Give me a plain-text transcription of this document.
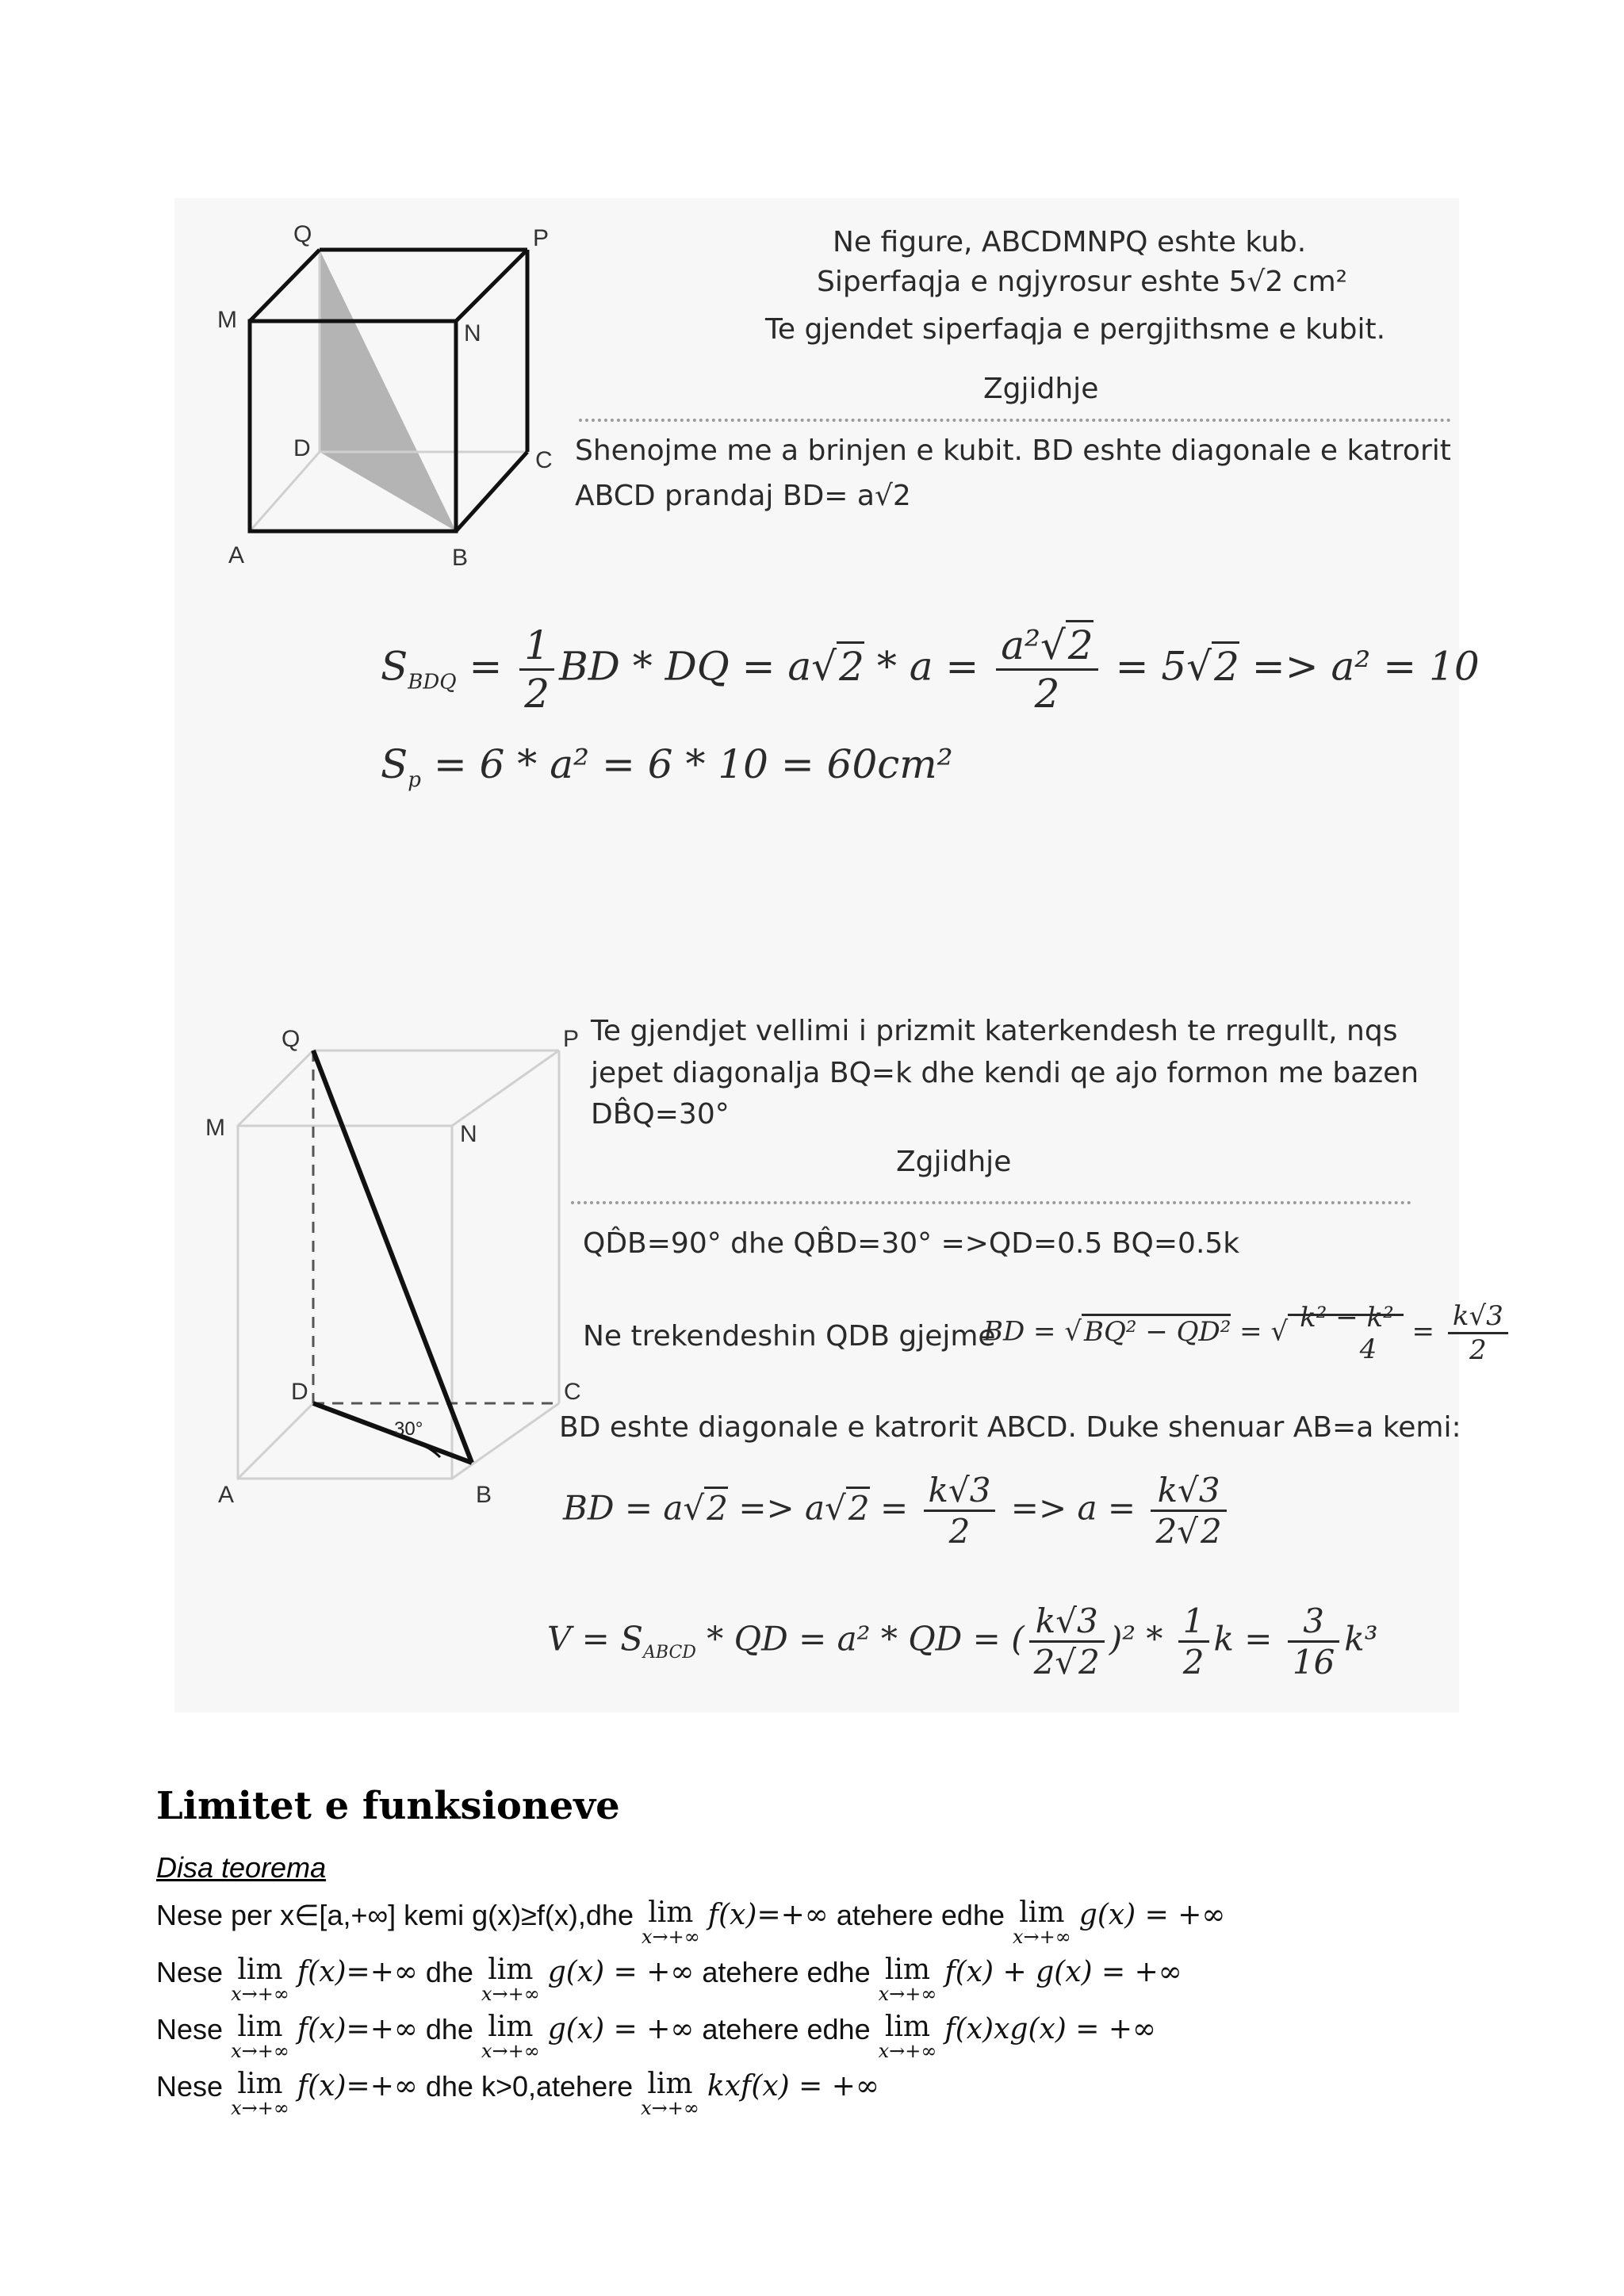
Q	P
M
N
D	C
A	B
Ne figure, ABCDMNPQ eshte kub.
Siperfaqja e ngjyrosur eshte 5√2 cm²
Te gjendet siperfaqja e pergjithsme e kubit.
Zgjidhje
Shenojme me a brinjen e kubit. BD eshte diagonale e katrorit
ABCD prandaj BD= a√2
$S_{BDQ} = \frac{1}{2}$ BD * DQ = $a√2 * a = \frac{\text{a²√2}}{2} = 5√2 => a^2 = 10$
$S_p = 6 * a^2 = 6 * 10 = 60cm^2$
30°
Q	P
M	N
D	C
A	B
Te gjendjet vellimi i prizmit katerkendesh te rregullt, nqs
jepet diagonalja BQ=k dhe kendi qe ajo formon me bazen
DB̂Q=30°
Zgjidhje
QD̂B=90° dhe QB̂D=30° =>QD=0.5 BQ=0.5k
Ne trekendeshin QDB gjejme
BD = √BQ² − QD² = √ k² − k²
4
= $\frac{k√3}{2}$
BD eshte diagonale e katrorit ABCD. Duke shenuar AB=a kemi:
BD = $a√2 => a√2 = \frac{k√3}{2} => a = \frac{k√3}{2√2}$
$V = S_{ABCD}$ * QD = a² * QD = ( $\frac{k√3}{2√2} )^2 * \frac{1}{2}$ $k = \frac{3}{16} k^3$
Limitet e funksioneve
Disa teorema
Nese per x∈[a,+∞] kemi g(x)≥f(x),dhe lim
x→+∞
f(x)=+∞ atehere edhe lim
x→+∞
g(x) = +∞
Nese lim
x→+∞
f(x)=+∞ dhe lim
x→+∞
g(x) = +∞ atehere edhe lim
x→+∞
f(x) + g(x) = +∞
Nese lim
x→+∞
f(x)=+∞ dhe lim
x→+∞
g(x) = +∞ atehere edhe lim
x→+∞
f(x)xg(x) = +∞
Nese lim
x→+∞
f(x)=+∞ dhe k>0,atehere lim
x→+∞
kxf(x) = +∞
